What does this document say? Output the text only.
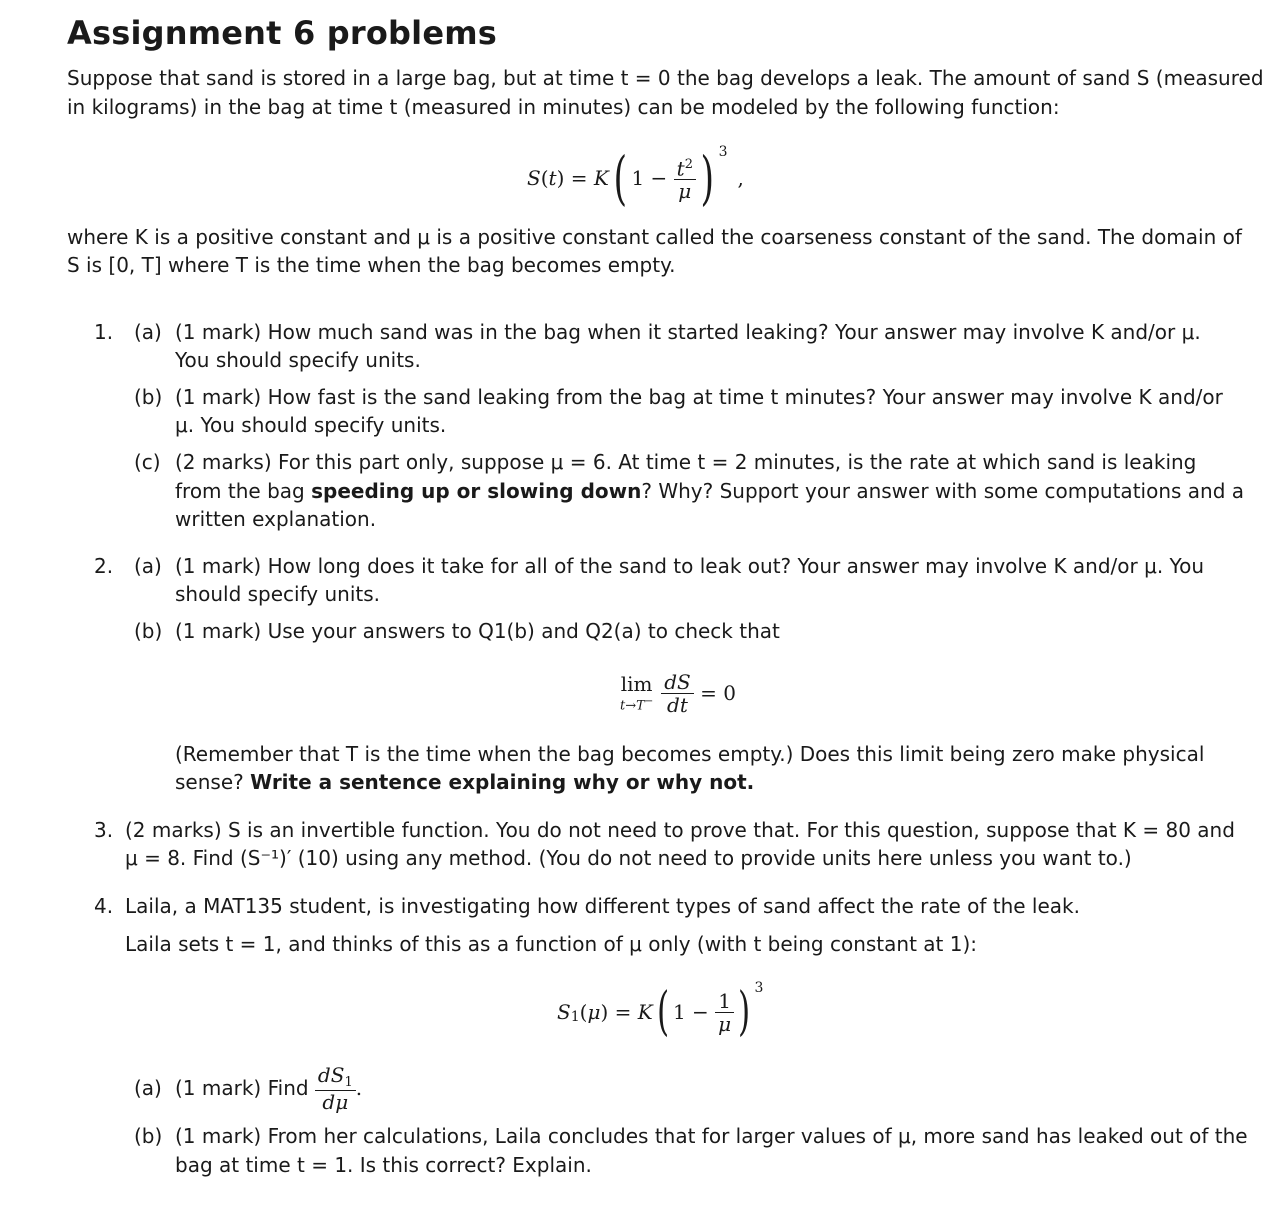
Assignment 6 problems
Suppose that sand is stored in a large bag, but at time t = 0 the bag develops a leak. The amount of sand S (measured
in kilograms) in the bag at time t (measured in minutes) can be modeled by the following function:
S ( t ) = K ( $1 - \frac{t^2}{\mu}$ ) 3
,
where K is a positive constant and μ is a positive constant called the coarseness constant of the sand. The domain of
S is [0, T] where T is the time when the bag becomes empty.
1. (a) (1 mark) How much sand was in the bag when it started leaking? Your answer may involve K and/or μ.
You should specify units.
(b) (1 mark) How fast is the sand leaking from the bag at time t minutes? Your answer may involve K and/or
μ. You should specify units.
(c) (2 marks) For this part only, suppose μ = 6. At time t = 2 minutes, is the rate at which sand is leaking
from the bag speeding up or slowing down? Why? Support your answer with some computations and a
written explanation.
2. (a) (1 mark) How long does it take for all of the sand to leak out? Your answer may involve K and/or μ. You
should specify units.
(b) (1 mark) Use your answers to Q1(b) and Q2(a) to check that
lim
$t\to T^- \frac{dS}{dt} = 0$
(Remember that T is the time when the bag becomes empty.) Does this limit being zero make physical
sense? Write a sentence explaining why or why not.
3. (2 marks) S is an invertible function. You do not need to prove that. For this question, suppose that K = 80 and
μ = 8. Find (S⁻¹)′ (10) using any method. (You do not need to provide units here unless you want to.)
4. Laila, a MAT135 student, is investigating how different types of sand affect the rate of the leak.
Laila sets t = 1, and thinks of this as a function of μ only (with t being constant at 1):
S 1 ( μ ) = K ( $1 - \frac{1}{\mu}$ ) 3
(a) (1 mark) Find $\frac{dS_1}{d\mu}$ .
(b) (1 mark) From her calculations, Laila concludes that for larger values of μ, more sand has leaked out of the
bag at time t = 1. Is this correct? Explain.
